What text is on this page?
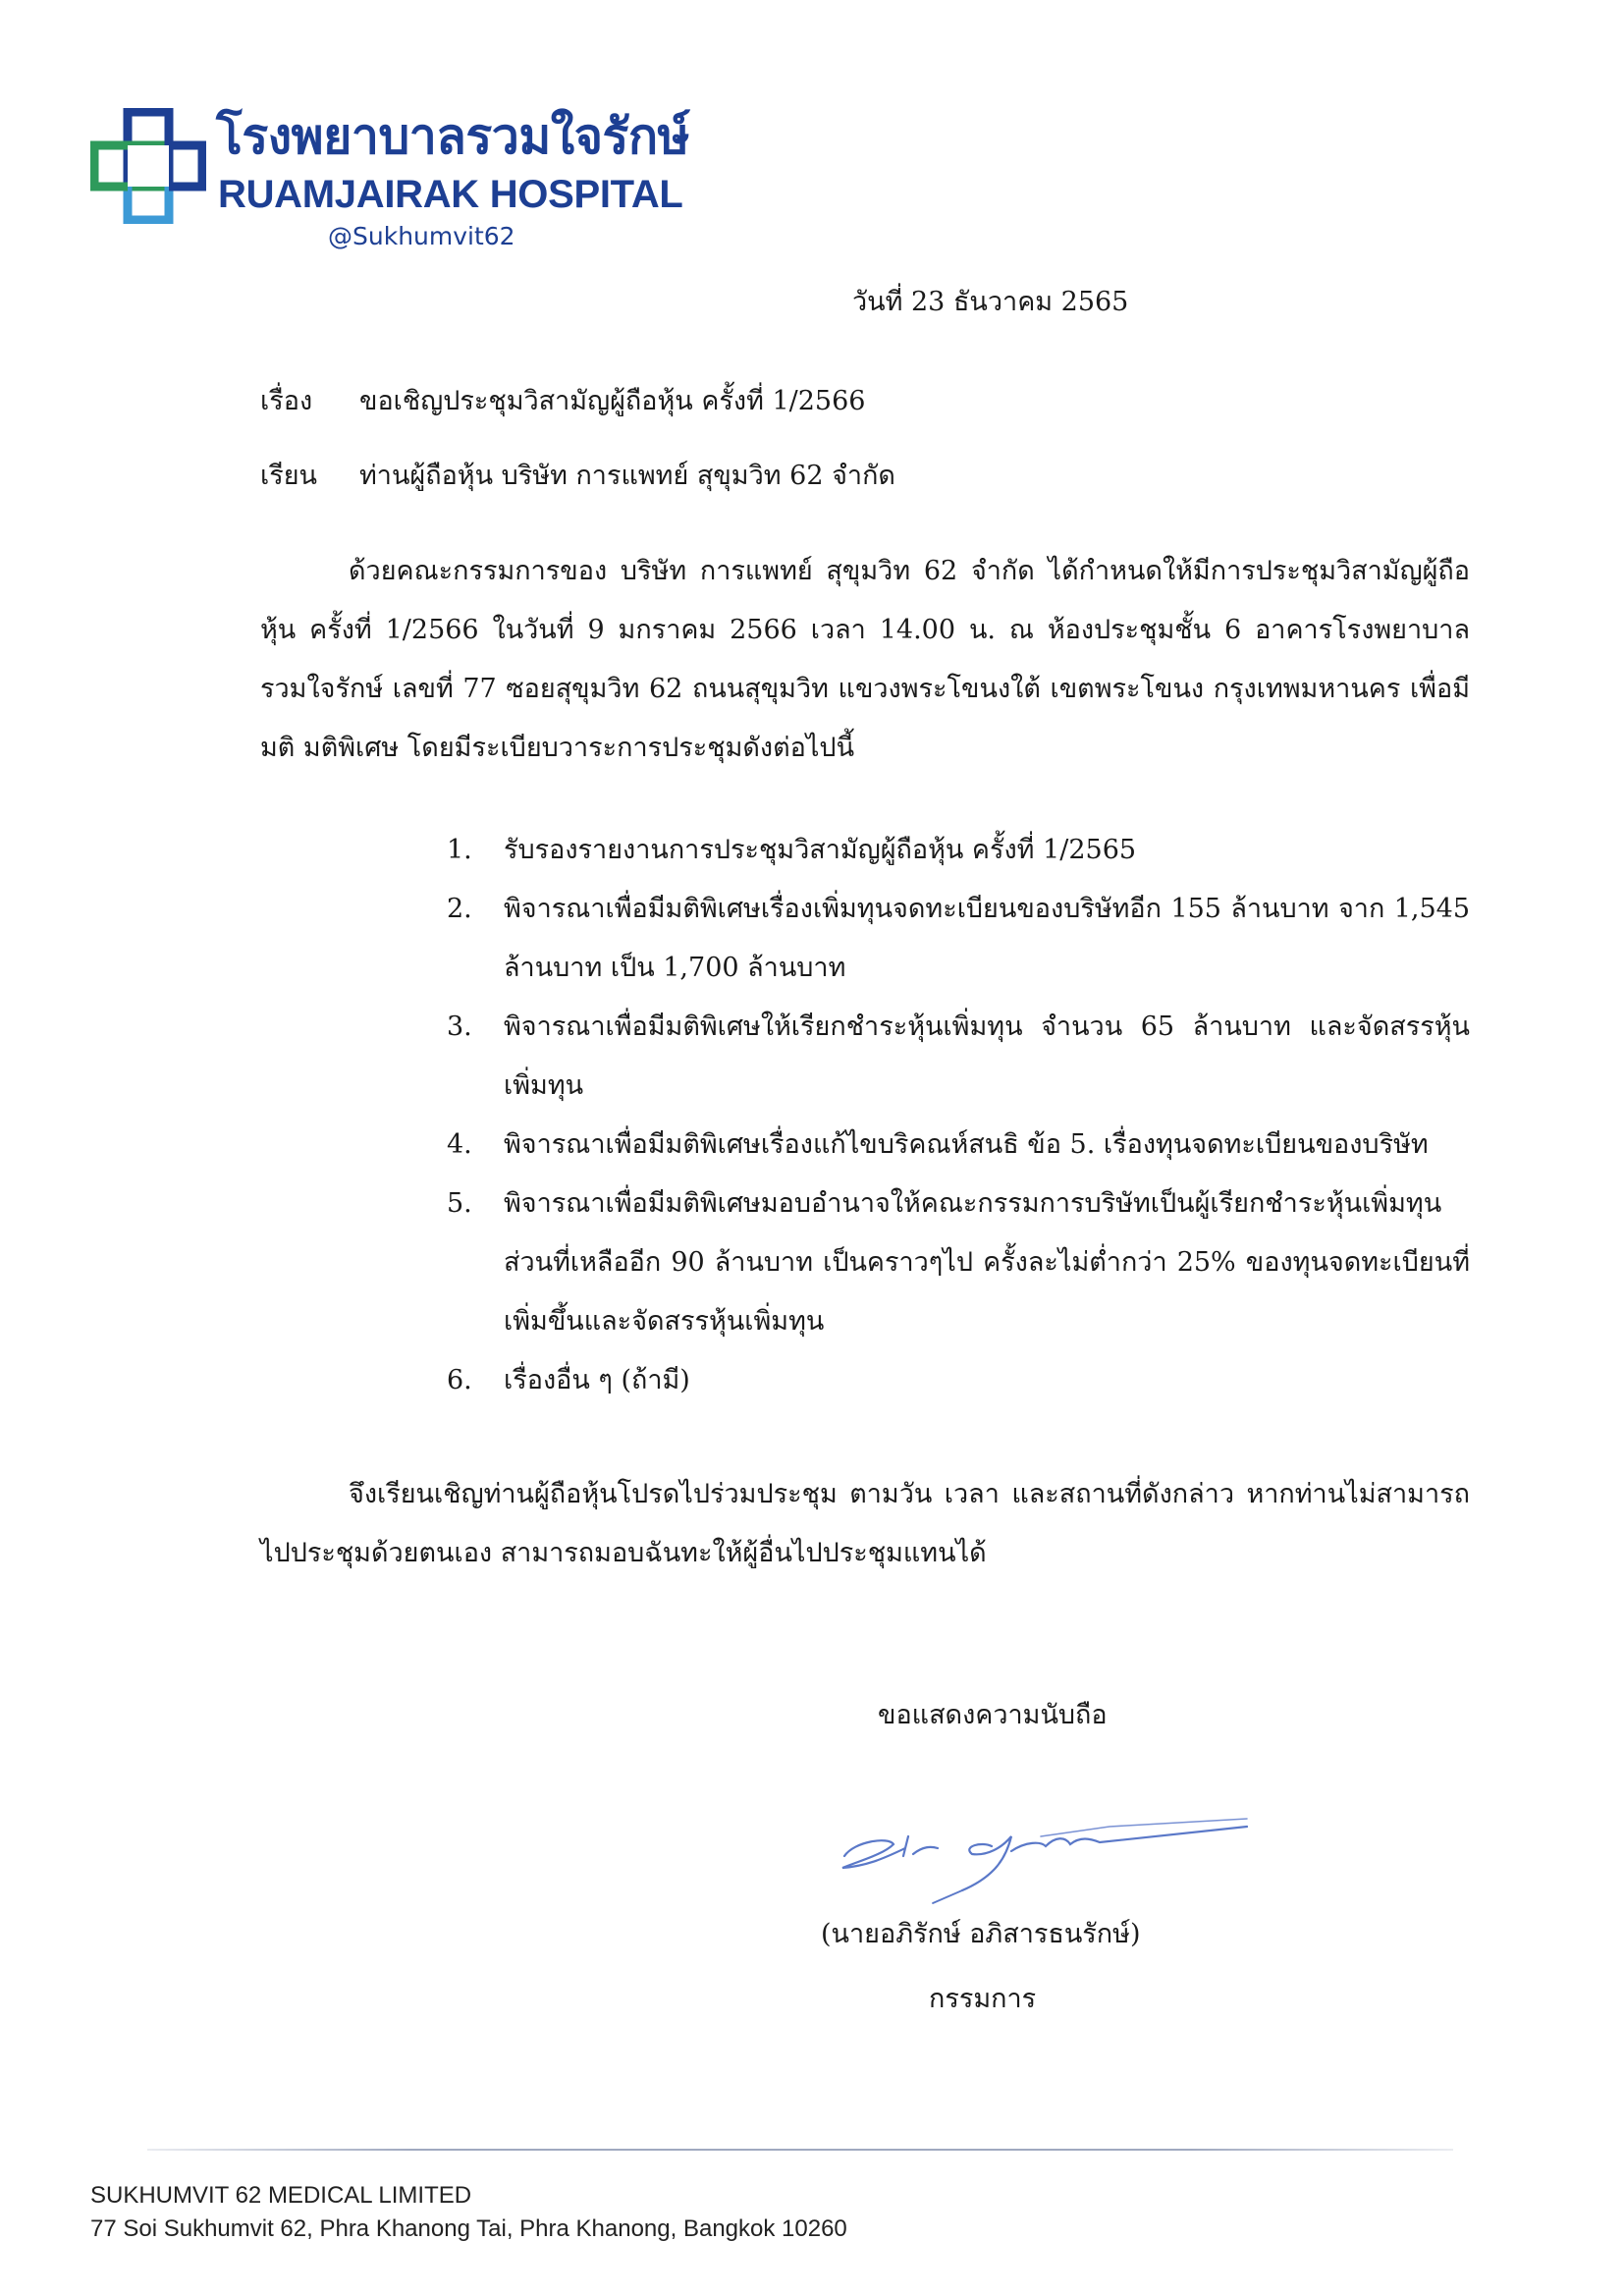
โรงพยาบาลรวมใจรักษ์
RUAMJAIRAK HOSPITAL
@Sukhumvit62
วันที่ 23 ธันวาคม 2565
เรื่อง ขอเชิญประชุมวิสามัญผู้ถือหุ้น ครั้งที่ 1/2566
เรียน ท่านผู้ถือหุ้น บริษัท การแพทย์ สุขุมวิท 62 จำกัด
ด้วยคณะกรรมการของ บริษัท การแพทย์ สุขุมวิท 62 จำกัด ได้กำหนดให้มีการประชุมวิสามัญผู้ถือหุ้น ครั้งที่ 1/2566 ในวันที่ 9 มกราคม 2566 เวลา 14.00 น. ณ ห้องประชุมชั้น 6 อาคารโรงพยาบาลรวมใจรักษ์ เลขที่ 77 ซอยสุขุมวิท 62 ถนนสุขุมวิท แขวงพระโขนงใต้ เขตพระโขนง กรุงเทพมหานคร เพื่อมีมติ มติพิเศษ โดยมีระเบียบวาระการประชุมดังต่อไปนี้
1.	รับรองรายงานการประชุมวิสามัญผู้ถือหุ้น ครั้งที่ 1/2565
2.	พิจารณาเพื่อมีมติพิเศษเรื่องเพิ่มทุนจดทะเบียนของบริษัทอีก 155 ล้านบาท จาก 1,545 ล้านบาท เป็น 1,700 ล้านบาท
3.	พิจารณาเพื่อมีมติพิเศษให้เรียกชำระหุ้นเพิ่มทุน จำนวน 65 ล้านบาท และจัดสรรหุ้นเพิ่มทุน
4.	พิจารณาเพื่อมีมติพิเศษเรื่องแก้ไขบริคณห์สนธิ ข้อ 5. เรื่องทุนจดทะเบียนของบริษัท
5.	พิจารณาเพื่อมีมติพิเศษมอบอำนาจให้คณะกรรมการบริษัทเป็นผู้เรียกชำระหุ้นเพิ่มทุนส่วนที่เหลืออีก 90 ล้านบาท เป็นคราวๆไป ครั้งละไม่ต่ำกว่า 25% ของทุนจดทะเบียนที่เพิ่มขึ้นและจัดสรรหุ้นเพิ่มทุน
6.	เรื่องอื่น ๆ (ถ้ามี)
จึงเรียนเชิญท่านผู้ถือหุ้นโปรดไปร่วมประชุม ตามวัน เวลา และสถานที่ดังกล่าว หากท่านไม่สามารถไปประชุมด้วยตนเอง สามารถมอบฉันทะให้ผู้อื่นไปประชุมแทนได้
ขอแสดงความนับถือ
(นายอภิรักษ์ อภิสารธนรักษ์)
กรรมการ
SUKHUMVIT 62 MEDICAL LIMITED
77 Soi Sukhumvit 62, Phra Khanong Tai, Phra Khanong, Bangkok 10260
